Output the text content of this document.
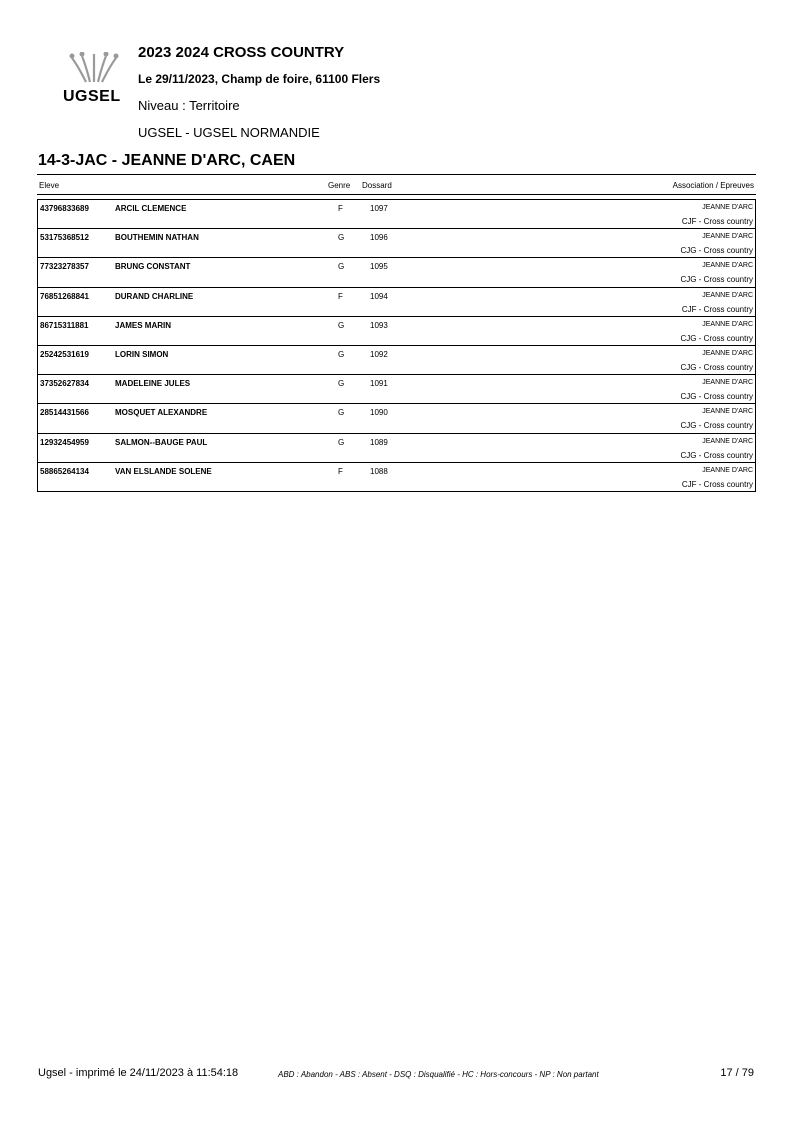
UGSEL
2023 2024 CROSS COUNTRY
Le 29/11/2023, Champ de foire, 61100 Flers
Niveau : Territoire
UGSEL - UGSEL NORMANDIE
14-3-JAC - JEANNE D'ARC, CAEN
Eleve	Genre Dossard	Association / Epreuves
43796833689	ARCIL CLEMENCE	F	1097	JEANNE D'ARC
CJF - Cross country
53175368512	BOUTHEMIN NATHAN	G	1096	JEANNE D'ARC
CJG - Cross country
77323278357	BRUNG CONSTANT	G	1095	JEANNE D'ARC
CJG - Cross country
76851268841	DURAND CHARLINE	F	1094	JEANNE D'ARC
CJF - Cross country
86715311881	JAMES MARIN	G	1093	JEANNE D'ARC
CJG - Cross country
25242531619	LORIN SIMON	G	1092	JEANNE D'ARC
CJG - Cross country
37352627834	MADELEINE JULES	G	1091	JEANNE D'ARC
CJG - Cross country
28514431566	MOSQUET ALEXANDRE	G	1090	JEANNE D'ARC
CJG - Cross country
12932454959	SALMON--BAUGE PAUL	G	1089	JEANNE D'ARC
CJG - Cross country
58865264134	VAN ELSLANDE SOLENE	F	1088	JEANNE D'ARC
CJF - Cross country
Ugsel - imprimé le 24/11/2023 à 11:54:18	ABD : Abandon - ABS : Absent - DSQ : Disqualifié - HC : Hors-concours - NP : Non partant	17 / 79
